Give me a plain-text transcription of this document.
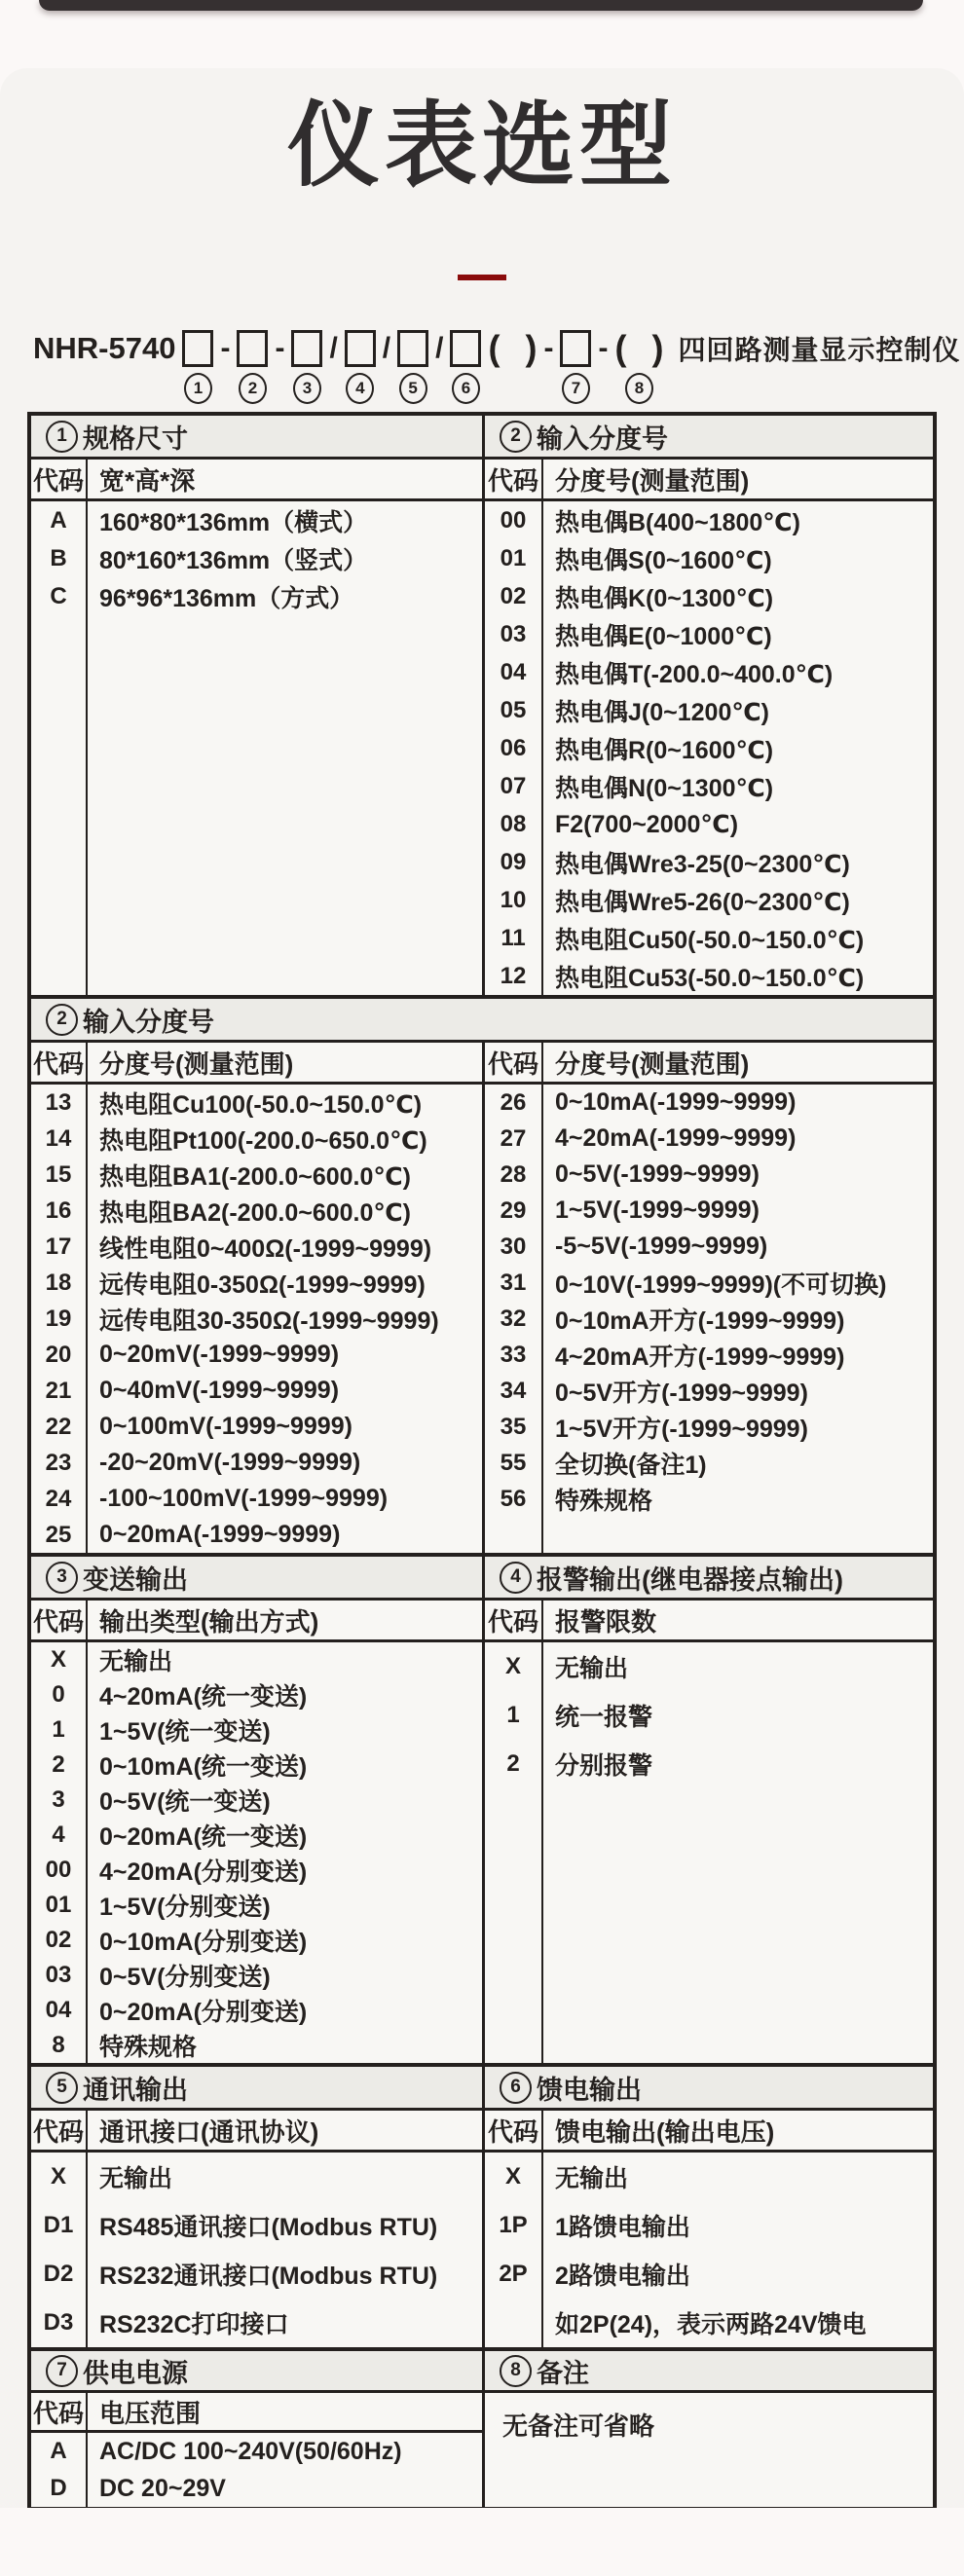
仪表选型
NHR-5740
1
-
2
-
3
/
4
/
5
/
6
( ) -
7
- ( )
8
四回路测量显示控制仪
1 规格尺寸
代码 宽*高*深
A	160*80*136mm（横式）
B	80*160*136mm（竖式）
C	96*96*136mm（方式）
2 输入分度号
代码 分度号(测量范围)
00	热电偶B(400~1800℃)
01	热电偶S(0~1600℃)
02	热电偶K(0~1300℃)
03	热电偶E(0~1000℃)
04	热电偶T(-200.0~400.0℃)
05	热电偶J(0~1200℃)
06	热电偶R(0~1600℃)
07	热电偶N(0~1300℃)
08	F2(700~2000℃)
09	热电偶Wre3-25(0~2300℃)
10	热电偶Wre5-26(0~2300℃)
11	热电阻Cu50(-50.0~150.0℃)
12	热电阻Cu53(-50.0~150.0℃)
2 输入分度号
代码 分度号(测量范围)
13	热电阻Cu100(-50.0~150.0℃)
14	热电阻Pt100(-200.0~650.0℃)
15	热电阻BA1(-200.0~600.0℃)
16	热电阻BA2(-200.0~600.0℃)
17	线性电阻0~400Ω(-1999~9999)
18	远传电阻0-350Ω(-1999~9999)
19	远传电阻30-350Ω(-1999~9999)
20	0~20mV(-1999~9999)
21	0~40mV(-1999~9999)
22	0~100mV(-1999~9999)
23	-20~20mV(-1999~9999)
24	-100~100mV(-1999~9999)
25	0~20mA(-1999~9999)
代码 分度号(测量范围)
26	0~10mA(-1999~9999)
27	4~20mA(-1999~9999)
28	0~5V(-1999~9999)
29	1~5V(-1999~9999)
30	-5~5V(-1999~9999)
31	0~10V(-1999~9999)(不可切换)
32	0~10mA开方(-1999~9999)
33	4~20mA开方(-1999~9999)
34	0~5V开方(-1999~9999)
35	1~5V开方(-1999~9999)
55	全切换(备注1)
56	特殊规格
3 变送输出
代码 输出类型(输出方式)
X	无输出
0	4~20mA(统一变送)
1	1~5V(统一变送)
2	0~10mA(统一变送)
3	0~5V(统一变送)
4	0~20mA(统一变送)
00	4~20mA(分别变送)
01	1~5V(分别变送)
02	0~10mA(分别变送)
03	0~5V(分别变送)
04	0~20mA(分别变送)
8	特殊规格
4 报警输出(继电器接点输出)
代码 报警限数
X	无输出
1	统一报警
2	分别报警
5 通讯输出
代码 通讯接口(通讯协议)
X	无输出
D1	RS485通讯接口(Modbus RTU)
D2	RS232通讯接口(Modbus RTU)
D3	RS232C打印接口
6 馈电输出
代码 馈电输出(输出电压)
X	无输出
1P	1路馈电输出
2P	2路馈电输出
如2P(24)，表示两路24V馈电
7 供电电源
代码 电压范围
A	AC/DC 100~240V(50/60Hz)
D	DC 20~29V
8 备注
无备注可省略
